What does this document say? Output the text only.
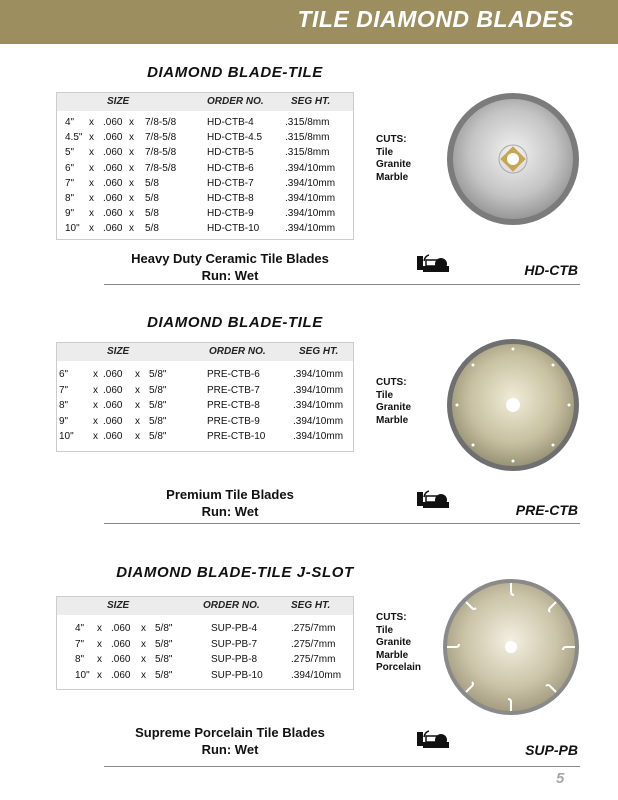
TILE DIAMOND BLADES
DIAMOND BLADE-TILE
SIZE	ORDER NO.	SEG HT.
4" x .060 x 7/8-5/8	HD-CTB-4	.315/8mm
4.5" x .060 x 7/8-5/8	HD-CTB-4.5 .315/8mm
5" x .060 x 7/8-5/8	HD-CTB-5	.315/8mm
6" x .060 x 7/8-5/8	HD-CTB-6	.394/10mm
7" x .060 x 5/8	HD-CTB-7	.394/10mm
8" x .060 x 5/8	HD-CTB-8	.394/10mm
9" x .060 x 5/8	HD-CTB-9	.394/10mm
10" x .060 x 5/8	HD-CTB-10	.394/10mm
CUTS:
Tile
Granite
Marble
Heavy Duty Ceramic Tile Blades
Run: Wet	HD-CTB
DIAMOND BLADE-TILE
SIZE	ORDER NO.	SEG HT.
6" x .060 x 5/8"	PRE-CTB-6	.394/10mm
7" x .060 x 5/8"	PRE-CTB-7	.394/10mm
8" x .060 x 5/8"	PRE-CTB-8	.394/10mm
9" x .060 x 5/8"	PRE-CTB-9	.394/10mm
10" x .060 x 5/8"	PRE-CTB-10	.394/10mm
CUTS:
Tile
Granite
Marble
Premium Tile Blades
Run: Wet	PRE-CTB
DIAMOND BLADE-TILE J-SLOT
SIZE	ORDER NO.	SEG HT.
4" x .060 x 5/8"	SUP-PB-4	.275/7mm
7" x .060 x 5/8"	SUP-PB-7	.275/7mm
8" x .060 x 5/8"	SUP-PB-8	.275/7mm
10" x .060 x 5/8"	SUP-PB-10	.394/10mm
CUTS:
Tile
Granite
Marble
Porcelain
Supreme Porcelain Tile Blades
Run: Wet	SUP-PB
5
